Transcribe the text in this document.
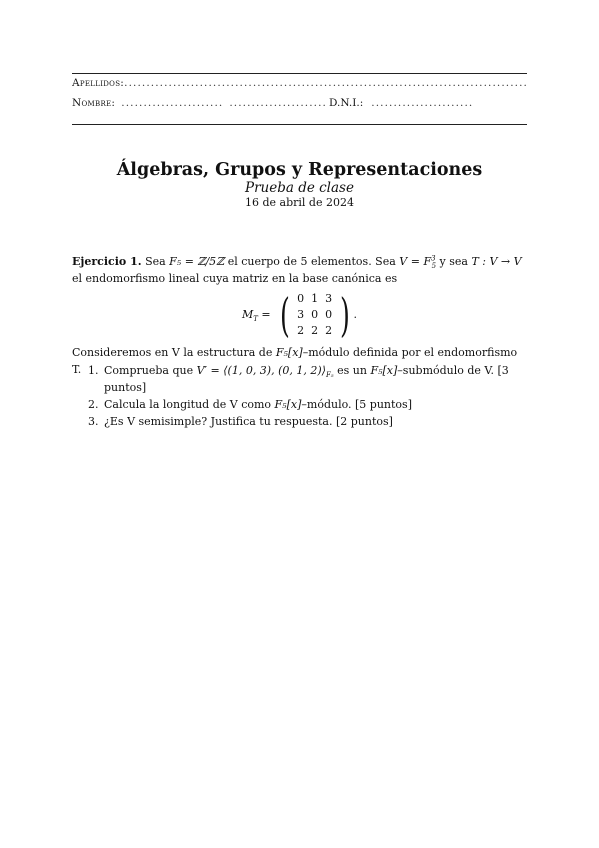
Apellidos:
.....
Nombre: ..... .....	D.N.I.:
.....
Álgebras, Grupos y Representaciones
Prueba de clase
16 de abril de 2024
Ejercicio 1. Sea F₅ = ℤ/5ℤ el cuerpo de 5 elementos. Sea $V = F^3_5$ y sea T : V → V el endomorfismo lineal cuya matriz en la base canónica es
$M_T$ = ( 0 1 3
3 0 0
2 2 2 ) .
Consideremos en V la estructura de F₅[x]–módulo definida por el endomorfismo T. 1. Comprueba que V′ = ⟨(1, 0, 3), (0, 1, $2)⟩_{F_5}$ es un F₅[x]–submódulo de V. [3 puntos]
2. Calcula la longitud de V como F₅[x]–módulo. [5 puntos]
3. ¿Es V semisimple? Justifica tu respuesta. [2 puntos]
